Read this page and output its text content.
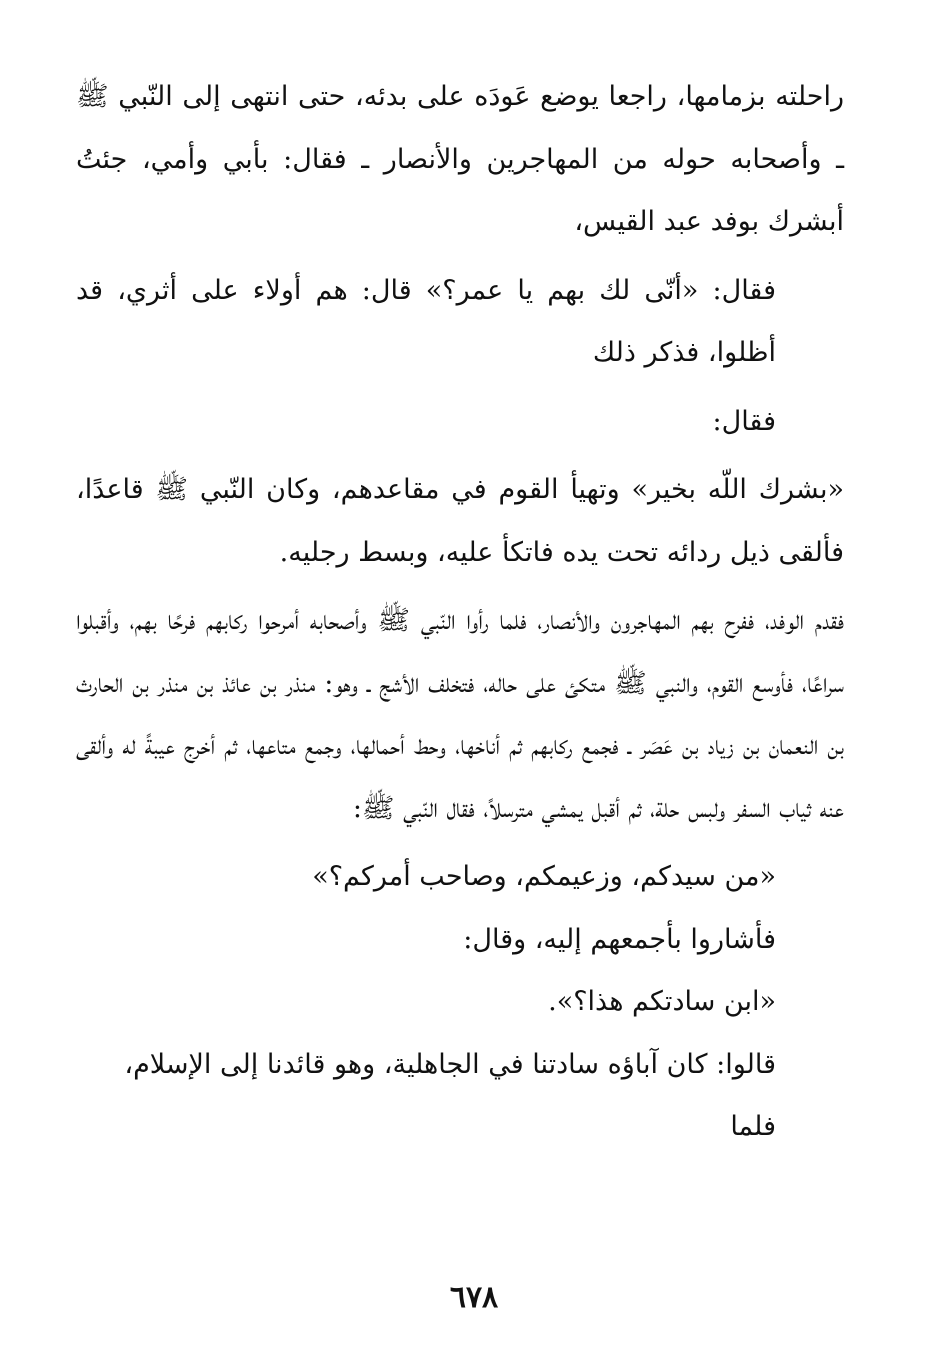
راحلته بزمامها، راجعا يوضع عَودَه على بدئه، حتى انتهى إلى النّبي ﷺ ـ وأصحابه حوله من المهاجرين والأنصار ـ فقال: بأبي وأمي، جئتُ أبشرك بوفد عبد القيس،

فقال: «أنّى لك بهم يا عمر؟» قال: هم أولاء على أثري، قد أظلوا، فذكر ذلك

فقال:

«بشرك اللّه بخير» وتهيأ القوم في مقاعدهم، وكان النّبي ﷺ قاعدًا، فألقى ذيل ردائه تحت يده فاتكأ عليه، وبسط رجليه.

فقدم الوفد، ففرح بهم المهاجرون والأنصار، فلما رأوا النّبي ﷺ وأصحابه أمرحوا ركابهم فرحًا بهم، وأقبلوا سراعًا، فأوسع القوم، والنبي ﷺ متكئ على حاله، فتخلف الأشج ـ وهو: منذر بن عائذ بن منذر بن الحارث بن النعمان بن زياد بن عَصَر ـ فجمع ركابهم ثم أناخها، وحط أحمالها، وجمع متاعها، ثم أخرج عيبةً له وألقى عنه ثياب السفر ولبس حلة، ثم أقبل يمشي مترسلاً، فقال النّبي ﷺ:

«من سيدكم، وزعيمكم، وصاحب أمركم؟»

فأشاروا بأجمعهم إليه، وقال:

«ابن سادتكم هذا؟».

قالوا: كان آباؤه سادتنا في الجاهلية، وهو قائدنا إلى الإسلام، فلما

٦٧٨
